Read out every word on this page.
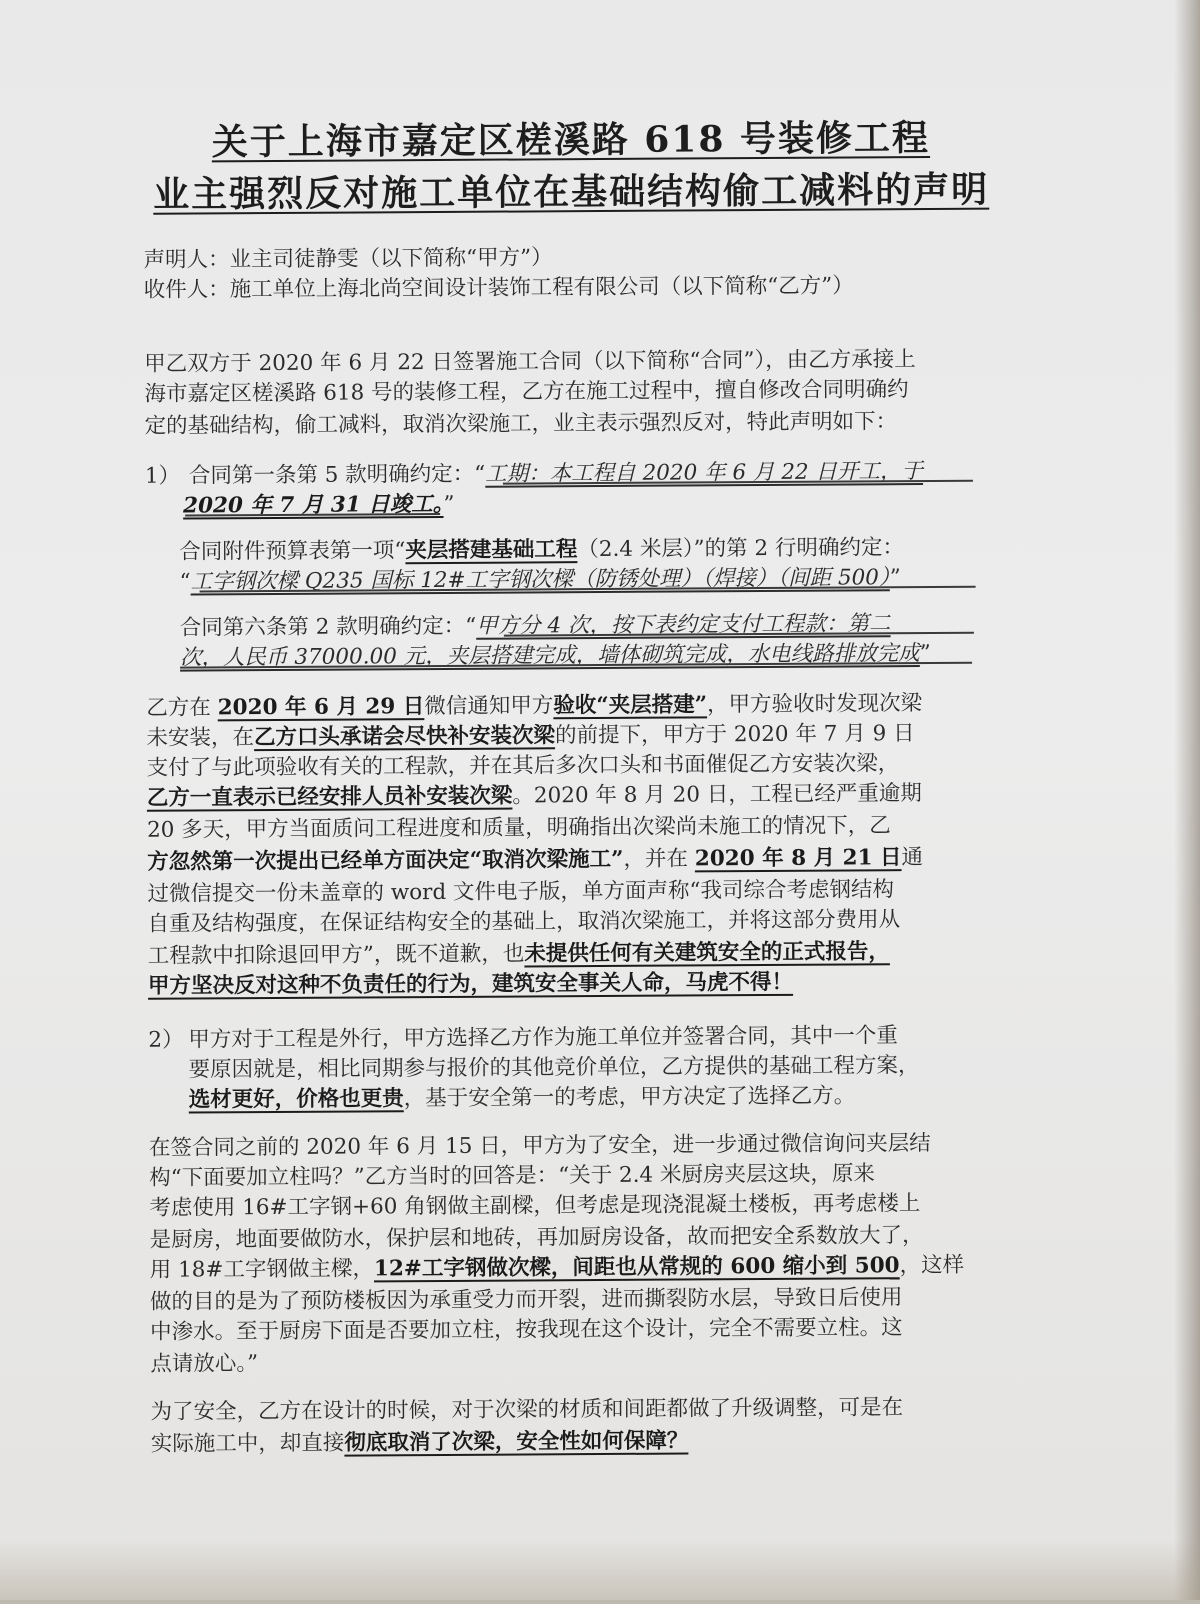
关于上海市嘉定区槎溪路 618 号装修工程
业主强烈反对施工单位在基础结构偷工减料的声明
声明人：业主司徒静雯（以下简称“甲方”）
收件人：施工单位上海北尚空间设计装饰工程有限公司（以下简称“乙方”）
甲乙双方于 2020 年 6 月 22 日签署施工合同（以下简称“合同”），由乙方承接上
海市嘉定区槎溪路 618 号的装修工程，乙方在施工过程中，擅自修改合同明确约
定的基础结构，偷工减料，取消次梁施工，业主表示强烈反对，特此声明如下：
1） 合同第一条第 5 款明确约定：“工期：本工程自 2020 年 6 月 22 日开工，于
2020 年 7 月 31 日竣工。”
合同附件预算表第一项“夹层搭建基础工程（2.4 米层）”的第 2 行明确约定：
“工字钢次樑 Q235 国标 12#工字钢次樑（防锈处理）（焊接）（间距 500）”
合同第六条第 2 款明确约定：“甲方分 4 次，按下表约定支付工程款：第二
次，人民币 37000.00 元，夹层搭建完成，墙体砌筑完成，水电线路排放完成”
乙方在 2020 年 6 月 29 日微信通知甲方验收“夹层搭建”，甲方验收时发现次梁
未安装，在乙方口头承诺会尽快补安装次梁的前提下，甲方于 2020 年 7 月 9 日
支付了与此项验收有关的工程款，并在其后多次口头和书面催促乙方安装次梁，
乙方一直表示已经安排人员补安装次梁。2020 年 8 月 20 日，工程已经严重逾期
20 多天，甲方当面质问工程进度和质量，明确指出次梁尚未施工的情况下，乙
方忽然第一次提出已经单方面决定“取消次梁施工”，并在 2020 年 8 月 21 日通
过微信提交一份未盖章的 word 文件电子版，单方面声称“我司综合考虑钢结构
自重及结构强度，在保证结构安全的基础上，取消次梁施工，并将这部分费用从
工程款中扣除退回甲方”，既不道歉，也未提供任何有关建筑安全的正式报告，
甲方坚决反对这种不负责任的行为，建筑安全事关人命，马虎不得！
2） 甲方对于工程是外行，甲方选择乙方作为施工单位并签署合同，其中一个重
要原因就是，相比同期参与报价的其他竞价单位，乙方提供的基础工程方案，
选材更好，价格也更贵，基于安全第一的考虑，甲方决定了选择乙方。
在签合同之前的 2020 年 6 月 15 日，甲方为了安全，进一步通过微信询问夹层结
构“下面要加立柱吗？”乙方当时的回答是：“关于 2.4 米厨房夹层这块，原来
考虑使用 16#工字钢+60 角钢做主副樑，但考虑是现浇混凝土楼板，再考虑楼上
是厨房，地面要做防水，保护层和地砖，再加厨房设备，故而把安全系数放大了，
用 18#工字钢做主樑，12#工字钢做次樑，间距也从常规的 600 缩小到 500，这样
做的目的是为了预防楼板因为承重受力而开裂，进而撕裂防水层，导致日后使用
中渗水。至于厨房下面是否要加立柱，按我现在这个设计，完全不需要立柱。这
点请放心。”
为了安全，乙方在设计的时候，对于次梁的材质和间距都做了升级调整，可是在
实际施工中，却直接彻底取消了次梁，安全性如何保障？
